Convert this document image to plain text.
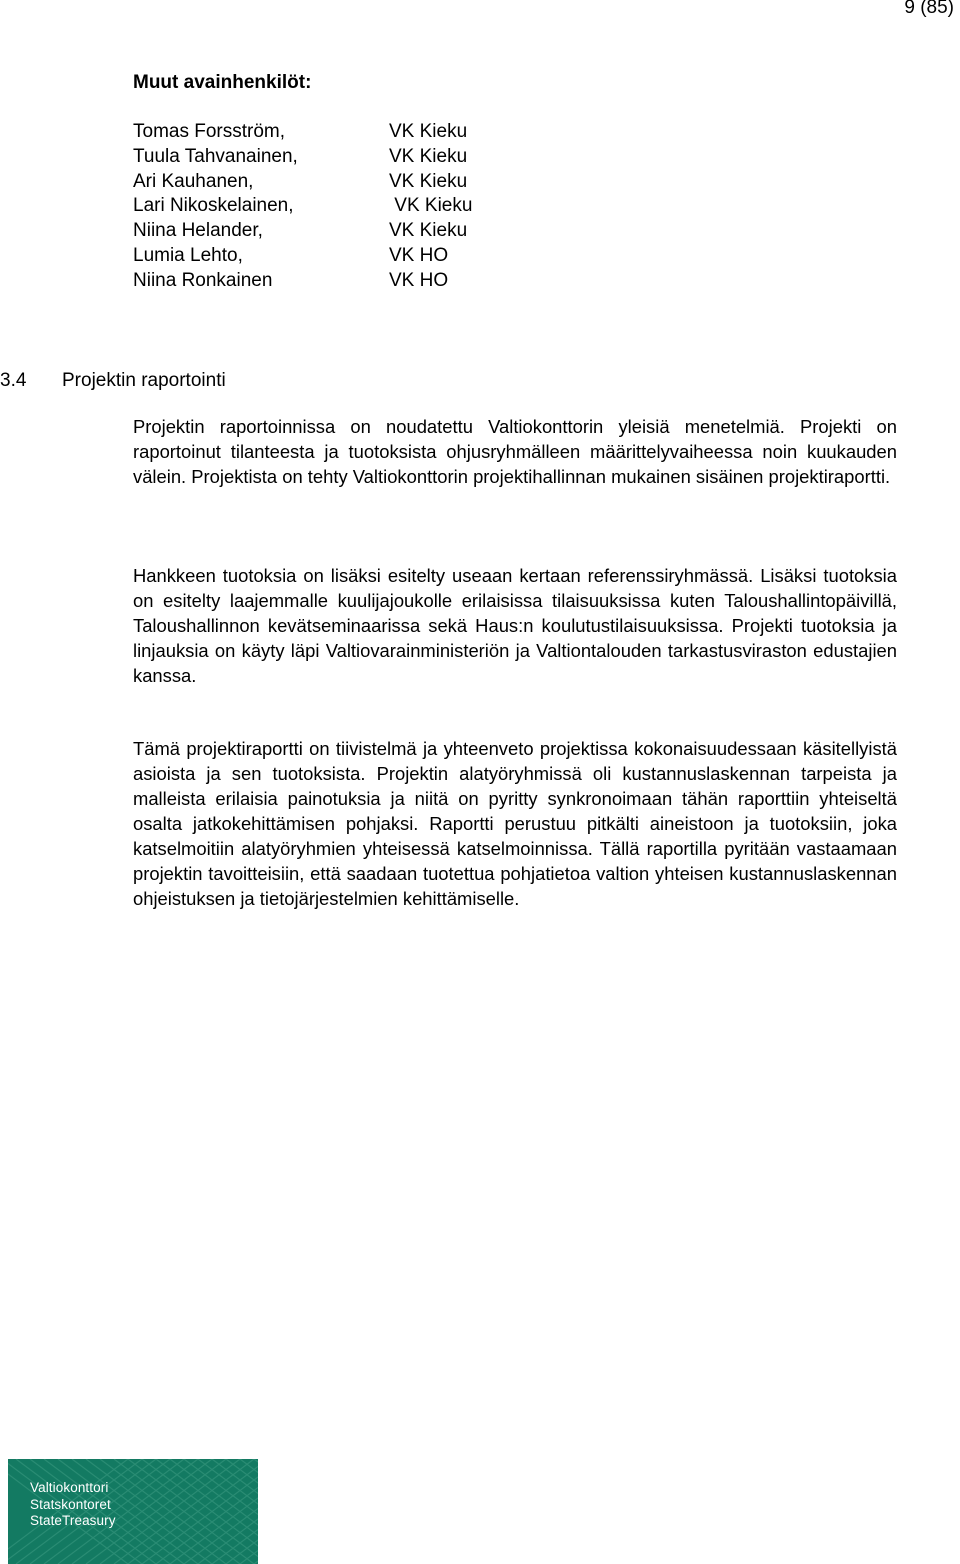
9 (85)
Muut avainhenkilöt:
Tomas Forsström,	VK Kieku
Tuula Tahvanainen,	VK Kieku
Ari Kauhanen,	VK Kieku
Lari Nikoskelainen,	VK Kieku
Niina Helander,	VK Kieku
Lumia Lehto,	VK HO
Niina Ronkainen	VK HO
3.4 Projektin raportointi

Projektin raportoinnissa on noudatettu Valtiokonttorin yleisiä menetelmiä. Projekti on raportoinut tilanteesta ja tuotoksista ohjusryhmälleen määrittelyvaiheessa noin kuukauden välein. Projektista on tehty Valtiokonttorin projektihallinnan mukainen sisäinen projektiraportti.

Hankkeen tuotoksia on lisäksi esitelty useaan kertaan referenssiryhmässä. Lisäksi tuotoksia on esitelty laajemmalle kuulijajoukolle erilaisissa tilaisuuksissa kuten Taloushallintopäivillä, Taloushallinnon kevätseminaarissa sekä Haus:n koulutustilaisuuksissa. Projekti tuotoksia ja linjauksia on käyty läpi Valtiovarainministeriön ja Valtiontalouden tarkastusviraston edustajien kanssa.

Tämä projektiraportti on tiivistelmä ja yhteenveto projektissa kokonaisuudessaan käsitellyistä asioista ja sen tuotoksista. Projektin alatyöryhmissä oli kustannuslaskennan tarpeista ja malleista erilaisia painotuksia ja niitä on pyritty synkronoimaan tähän raporttiin yhteiseltä osalta jatkokehittämisen pohjaksi. Raportti perustuu pitkälti aineistoon ja tuotoksiin, joka katselmoitiin alatyöryhmien yhteisessä katselmoinnissa. Tällä raportilla pyritään vastaamaan projektin tavoitteisiin, että saadaan tuotettua pohjatietoa valtion yhteisen kustannuslaskennan ohjeistuksen ja tietojärjestelmien kehittämiselle.

Valtiokonttori
Statskontoret
StateTreasury
